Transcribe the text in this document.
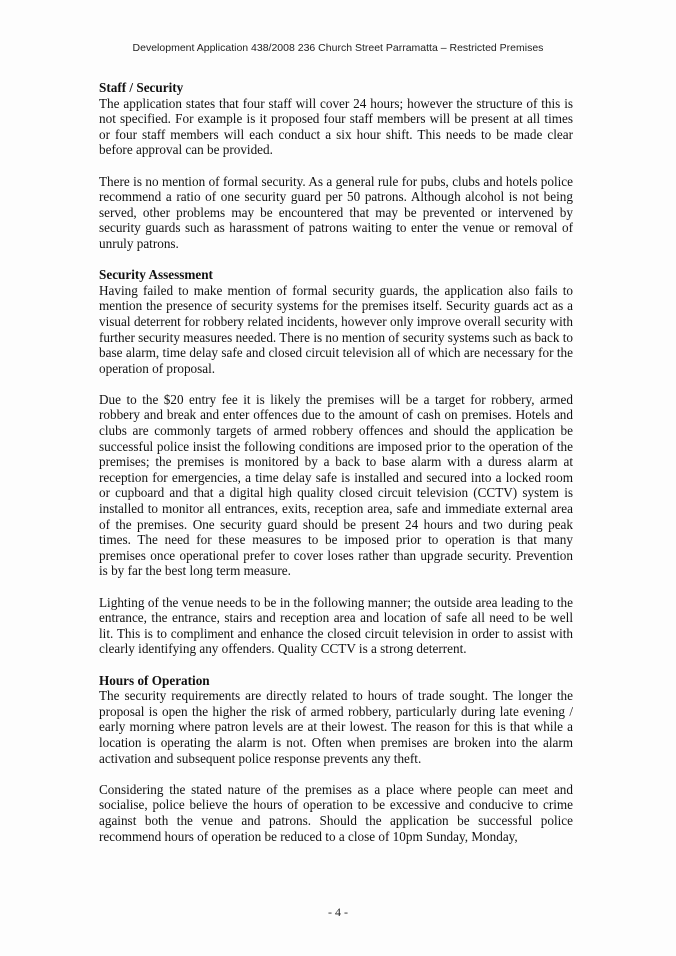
Development Application 438/2008 236 Church Street Parramatta – Restricted Premises

Staff / Security

The application states that four staff will cover 24 hours; however the structure of this is not specified. For example is it proposed four staff members will be present at all times or four staff members will each conduct a six hour shift. This needs to be made clear before approval can be provided.

There is no mention of formal security. As a general rule for pubs, clubs and hotels police recommend a ratio of one security guard per 50 patrons. Although alcohol is not being served, other problems may be encountered that may be prevented or intervened by security guards such as harassment of patrons waiting to enter the venue or removal of unruly patrons.

Security Assessment

Having failed to make mention of formal security guards, the application also fails to mention the presence of security systems for the premises itself. Security guards act as a visual deterrent for robbery related incidents, however only improve overall security with further security measures needed. There is no mention of security systems such as back to base alarm, time delay safe and closed circuit television all of which are necessary for the operation of proposal.

Due to the $20 entry fee it is likely the premises will be a target for robbery, armed robbery and break and enter offences due to the amount of cash on premises. Hotels and clubs are commonly targets of armed robbery offences and should the application be successful police insist the following conditions are imposed prior to the operation of the premises; the premises is monitored by a back to base alarm with a duress alarm at reception for emergencies, a time delay safe is installed and secured into a locked room or cupboard and that a digital high quality closed circuit television (CCTV) system is installed to monitor all entrances, exits, reception area, safe and immediate external area of the premises. One security guard should be present 24 hours and two during peak times. The need for these measures to be imposed prior to operation is that many premises once operational prefer to cover loses rather than upgrade security. Prevention is by far the best long term measure.

Lighting of the venue needs to be in the following manner; the outside area leading to the entrance, the entrance, stairs and reception area and location of safe all need to be well lit. This is to compliment and enhance the closed circuit television in order to assist with clearly identifying any offenders. Quality CCTV is a strong deterrent.

Hours of Operation

The security requirements are directly related to hours of trade sought. The longer the proposal is open the higher the risk of armed robbery, particularly during late evening / early morning where patron levels are at their lowest. The reason for this is that while a location is operating the alarm is not. Often when premises are broken into the alarm activation and subsequent police response prevents any theft.

Considering the stated nature of the premises as a place where people can meet and socialise, police believe the hours of operation to be excessive and conducive to crime against both the venue and patrons. Should the application be successful police recommend hours of operation be reduced to a close of 10pm Sunday, Monday,

- 4 -
